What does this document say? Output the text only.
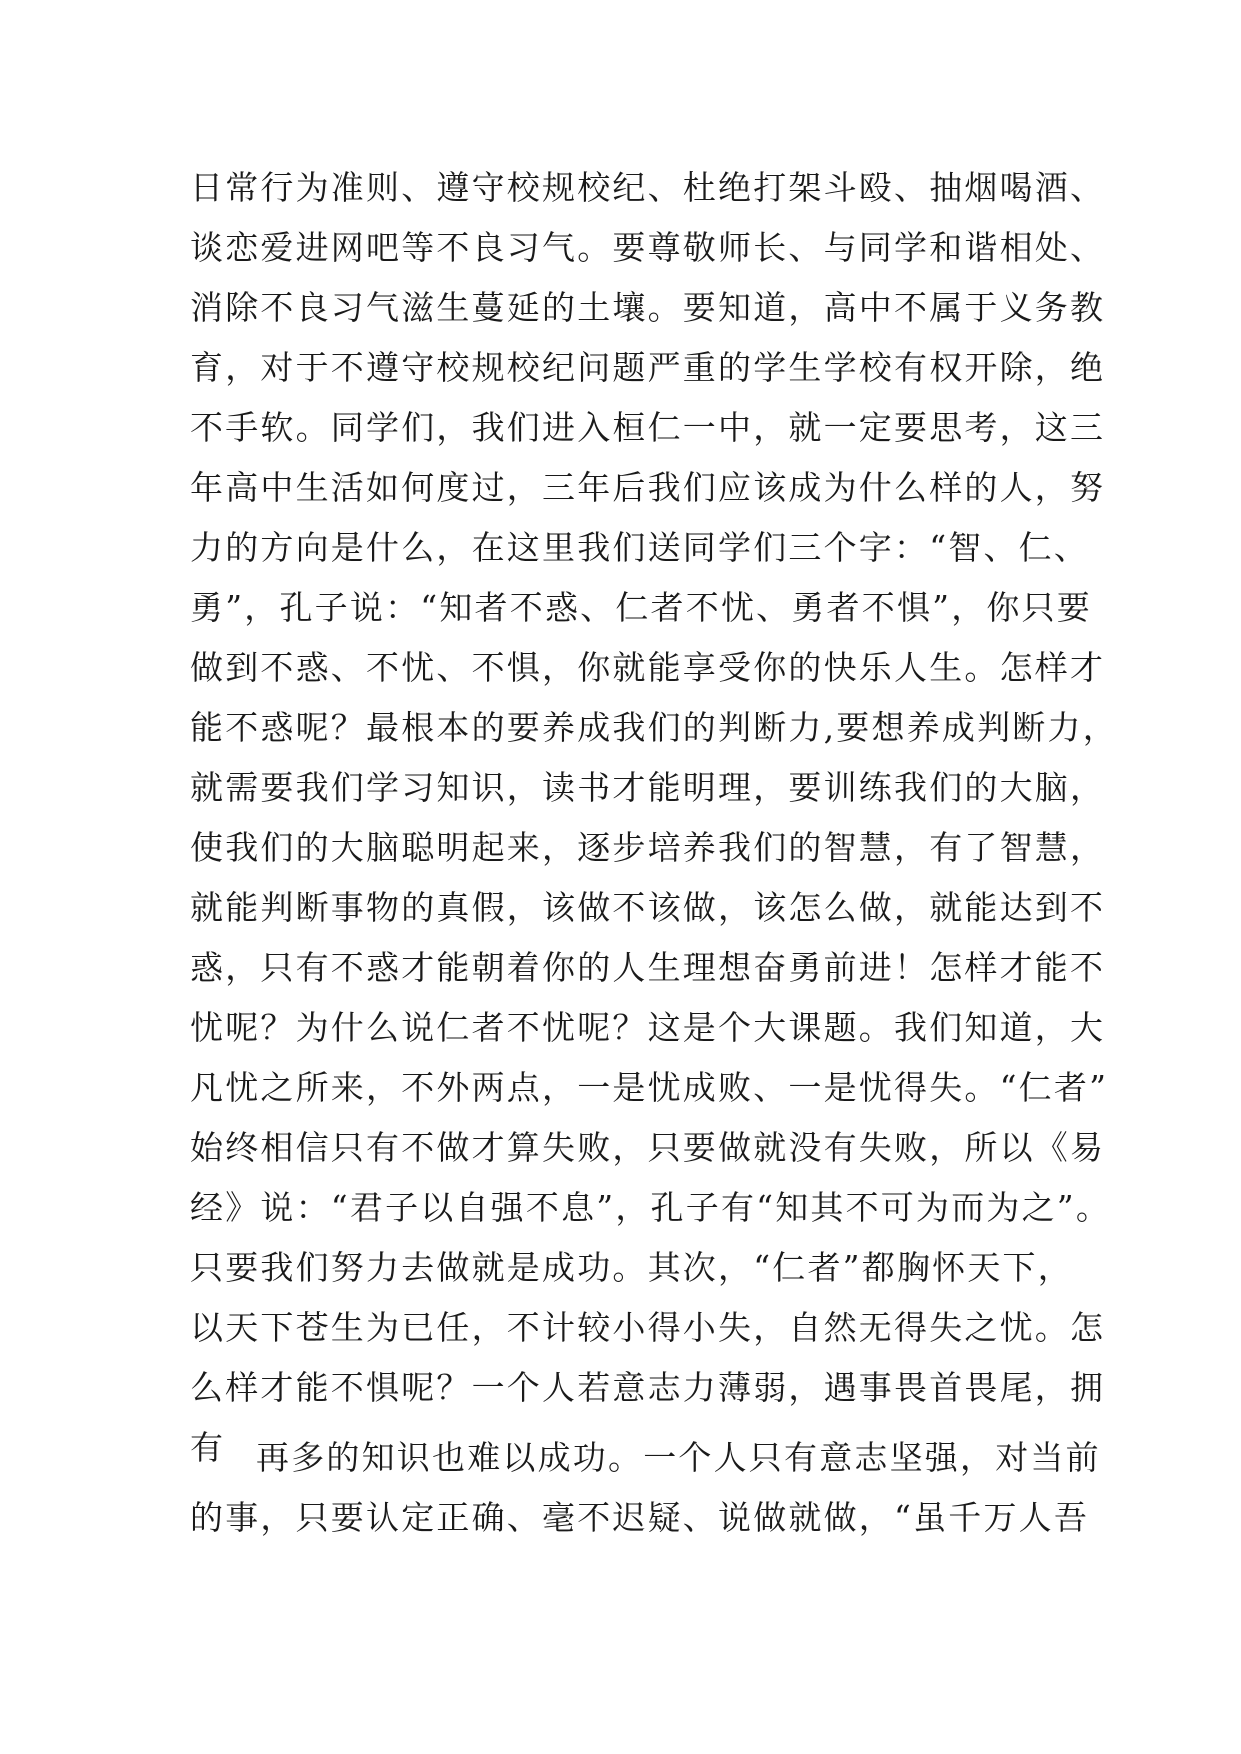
日常行为准则、遵守校规校纪、杜绝打架斗殴、抽烟喝酒、
谈恋爱进网吧等不良习气。要尊敬师长、与同学和谐相处、
消除不良习气滋生蔓延的土壤。要知道，高中不属于义务教
育，对于不遵守校规校纪问题严重的学生学校有权开除，绝
不手软。同学们，我们进入桓仁一中，就一定要思考，这三
年高中生活如何度过，三年后我们应该成为什么样的人，努
力的方向是什么，在这里我们送同学们三个字：“智、仁、
勇”，孔子说：“知者不惑、仁者不忧、勇者不惧”，你只要
做到不惑、不忧、不惧，你就能享受你的快乐人生。怎样才
能不惑呢？最根本的要养成我们的判断力,要想养成判断力，
就需要我们学习知识，读书才能明理，要训练我们的大脑，
使我们的大脑聪明起来，逐步培养我们的智慧，有了智慧，
就能判断事物的真假，该做不该做，该怎么做，就能达到不
惑，只有不惑才能朝着你的人生理想奋勇前进！怎样才能不
忧呢？为什么说仁者不忧呢？这是个大课题。我们知道，大
凡忧之所来，不外两点，一是忧成败、一是忧得失。“仁者”
始终相信只有不做才算失败，只要做就没有失败，所以《易
经》说：“君子以自强不息”，孔子有“知其不可为而为之”。
只要我们努力去做就是成功。其次，“仁者”都胸怀天下，
以天下苍生为已任，不计较小得小失，自然无得失之忧。怎
么样才能不惧呢？一个人若意志力薄弱，遇事畏首畏尾，拥
有 再多的知识也难以成功。一个人只有意志坚强，对当前
的事，只要认定正确、毫不迟疑、说做就做，“虽千万人吾
